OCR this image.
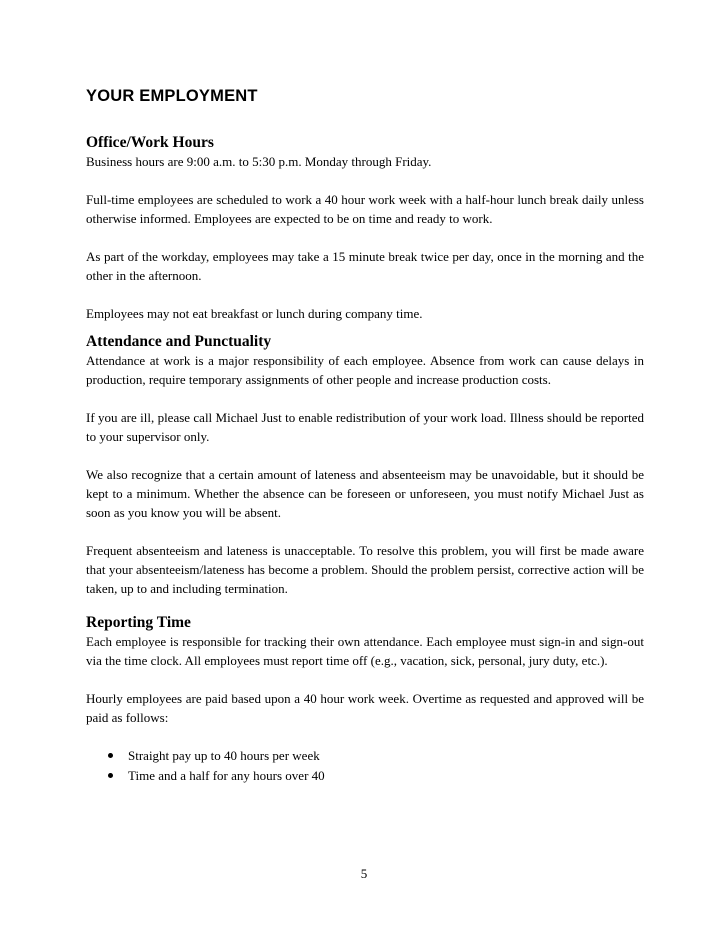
YOUR EMPLOYMENT
Office/Work Hours

Business hours are 9:00 a.m. to 5:30 p.m. Monday through Friday.

Full-time employees are scheduled to work a 40 hour work week with a half-hour lunch break daily unless otherwise informed. Employees are expected to be on time and ready to work.

As part of the workday, employees may take a 15 minute break twice per day, once in the morning and the other in the afternoon.

Employees may not eat breakfast or lunch during company time.

Attendance and Punctuality

Attendance at work is a major responsibility of each employee. Absence from work can cause delays in production, require temporary assignments of other people and increase production costs.

If you are ill, please call Michael Just to enable redistribution of your work load. Illness should be reported to your supervisor only.

We also recognize that a certain amount of lateness and absenteeism may be unavoidable, but it should be kept to a minimum. Whether the absence can be foreseen or unforeseen, you must notify Michael Just as soon as you know you will be absent.

Frequent absenteeism and lateness is unacceptable. To resolve this problem, you will first be made aware that your absenteeism/lateness has become a problem. Should the problem persist, corrective action will be taken, up to and including termination.

Reporting Time

Each employee is responsible for tracking their own attendance. Each employee must sign-in and sign-out via the time clock. All employees must report time off (e.g., vacation, sick, personal, jury duty, etc.).

Hourly employees are paid based upon a 40 hour work week. Overtime as requested and approved will be paid as follows:

Straight pay up to 40 hours per week
Time and a half for any hours over 40
5
